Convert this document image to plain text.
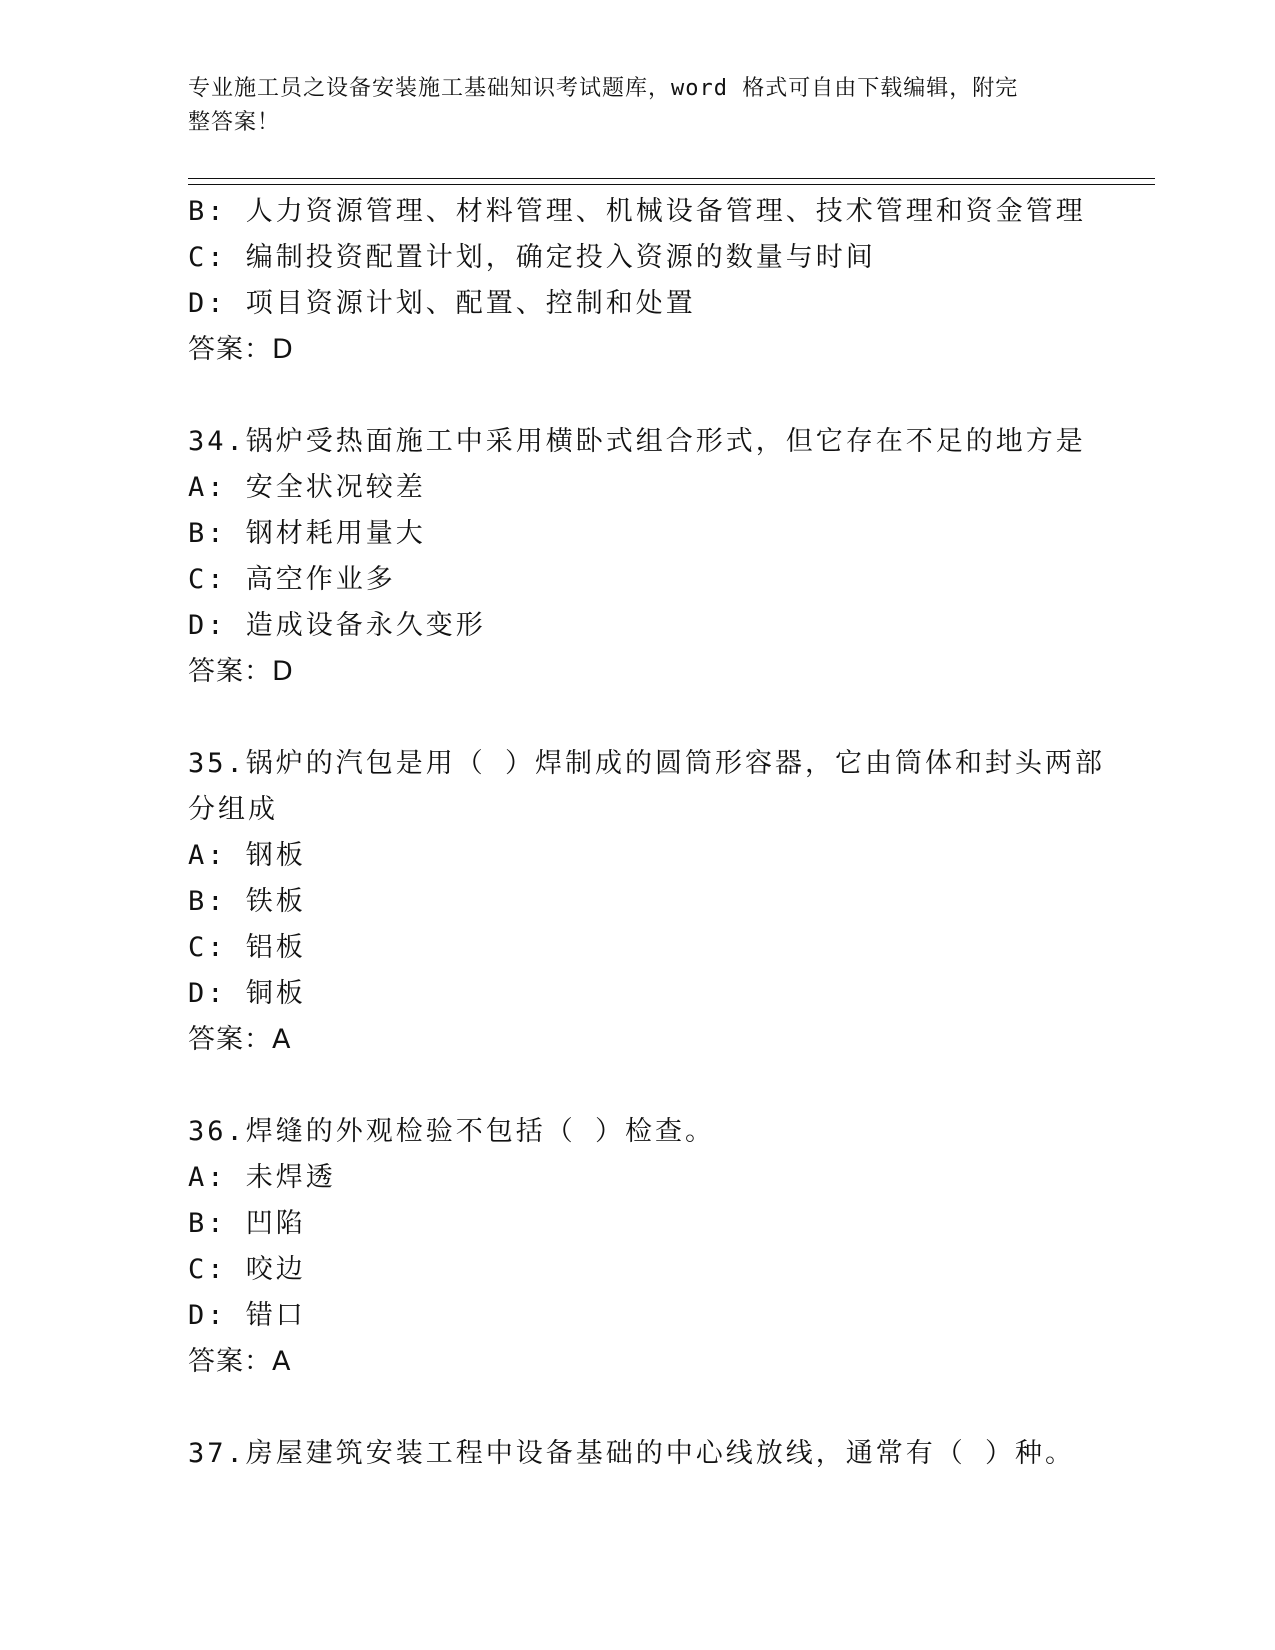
专业施工员之设备安装施工基础知识考试题库，word 格式可自由下载编辑，附完
整答案！
B: 人力资源管理、材料管理、机械设备管理、技术管理和资金管理
C: 编制投资配置计划，确定投入资源的数量与时间
D: 项目资源计划、配置、控制和处置
答案：D
34.锅炉受热面施工中采用横卧式组合形式，但它存在不足的地方是
A: 安全状况较差
B: 钢材耗用量大
C: 高空作业多
D: 造成设备永久变形
答案：D
35.锅炉的汽包是用（ ）焊制成的圆筒形容器，它由筒体和封头两部
分组成
A: 钢板
B: 铁板
C: 铝板
D: 铜板
答案：A
36.焊缝的外观检验不包括（ ）检查。
A: 未焊透
B: 凹陷
C: 咬边
D: 错口
答案：A
37.房屋建筑安装工程中设备基础的中心线放线，通常有（ ）种。
